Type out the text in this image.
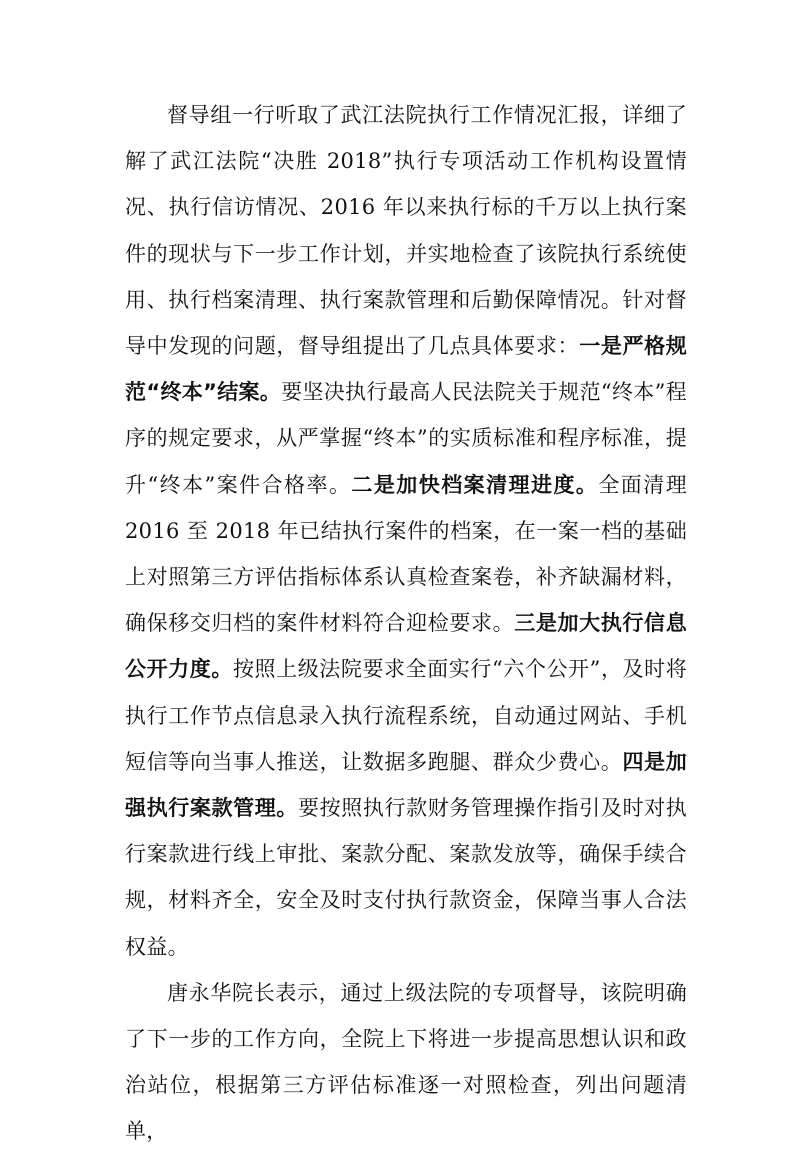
督导组一行听取了武江法院执行工作情况汇报，详细了解了武江法院“决胜 2018”执行专项活动工作机构设置情况、执行信访情况、2016 年以来执行标的千万以上执行案件的现状与下一步工作计划，并实地检查了该院执行系统使用、执行档案清理、执行案款管理和后勤保障情况。针对督导中发现的问题，督导组提出了几点具体要求：一是严格规范“终本”结案。要坚决执行最高人民法院关于规范“终本”程序的规定要求，从严掌握“终本”的实质标准和程序标准，提升“终本”案件合格率。二是加快档案清理进度。全面清理 2016 至 2018 年已结执行案件的档案，在一案一档的基础上对照第三方评估指标体系认真检查案卷，补齐缺漏材料，确保移交归档的案件材料符合迎检要求。三是加大执行信息公开力度。按照上级法院要求全面实行“六个公开”，及时将执行工作节点信息录入执行流程系统，自动通过网站、手机短信等向当事人推送，让数据多跑腿、群众少费心。四是加强执行案款管理。要按照执行款财务管理操作指引及时对执行案款进行线上审批、案款分配、案款发放等，确保手续合规，材料齐全，安全及时支付执行款资金，保障当事人合法权益。

唐永华院长表示，通过上级法院的专项督导，该院明确了下一步的工作方向，全院上下将进一步提高思想认识和政治站位，根据第三方评估标准逐一对照检查，列出问题清单，
